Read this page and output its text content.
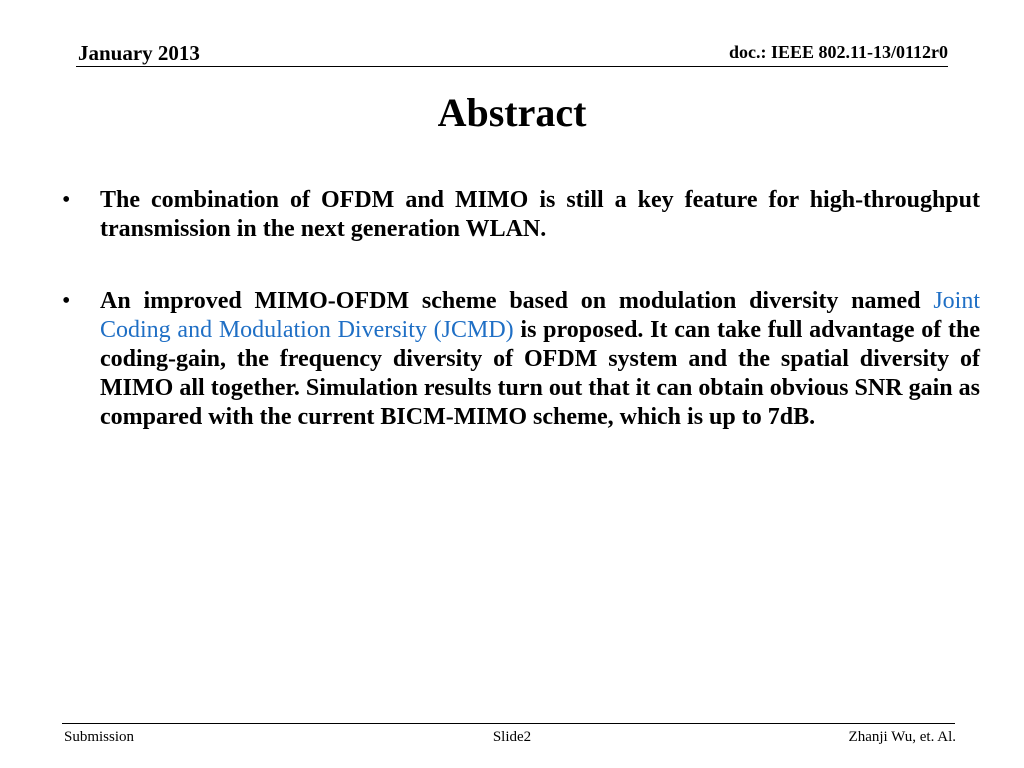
January 2013	doc.: IEEE 802.11-13/0112r0
Abstract
• The combination of OFDM and MIMO is still a key feature for high-throughput transmission in the next generation WLAN.
• An improved MIMO-OFDM scheme based on modulation diversity named Joint Coding and Modulation Diversity (JCMD) is proposed. It can take full advantage of the coding-gain, the frequency diversity of OFDM system and the spatial diversity of MIMO all together. Simulation results turn out that it can obtain obvious SNR gain as compared with the current BICM-MIMO scheme, which is up to 7dB.
Submission	Slide2	Zhanji Wu, et. Al.
